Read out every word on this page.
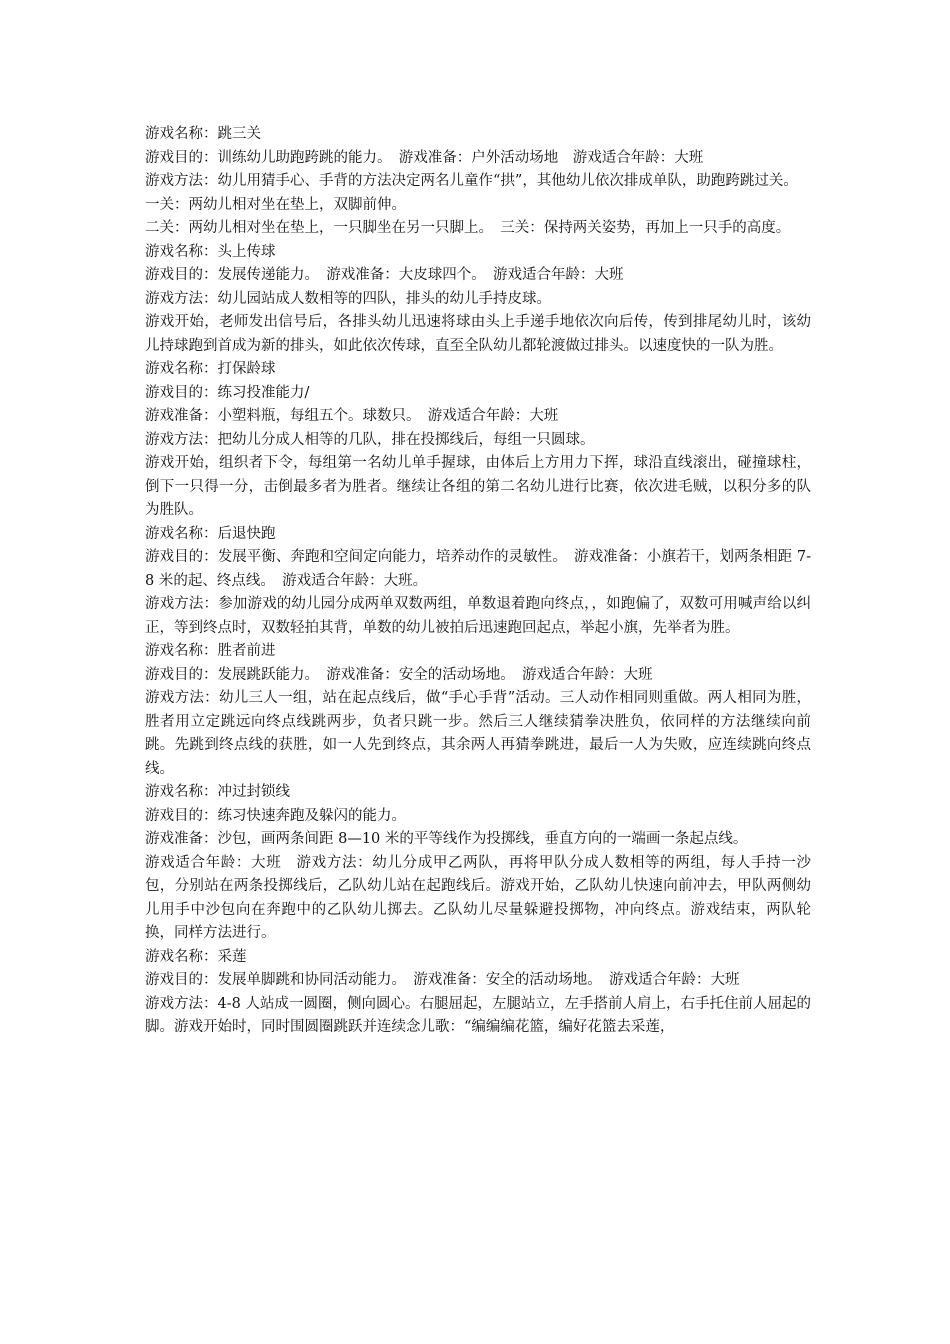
游戏名称：跳三关

游戏目的：训练幼儿助跑跨跳的能力。　游戏准备：户外活动场地　游戏适合年龄：大班

游戏方法：幼儿用猜手心、手背的方法决定两名儿童作“拱”，其他幼儿依次排成单队，助跑跨跳过关。

一关：两幼儿相对坐在垫上，双脚前伸。

二关：两幼儿相对坐在垫上，一只脚坐在另一只脚上。　三关：保持两关姿势，再加上一只手的高度。

游戏名称：头上传球

游戏目的：发展传递能力。　游戏准备：大皮球四个。　游戏适合年龄：大班

游戏方法：幼儿园站成人数相等的四队，排头的幼儿手持皮球。

游戏开始，老师发出信号后，各排头幼儿迅速将球由头上手递手地依次向后传，传到排尾幼儿时，该幼儿持球跑到首成为新的排头，如此依次传球，直至全队幼儿都轮渡做过排头。以速度快的一队为胜。

游戏名称：打保龄球

游戏目的：练习投准能力/

游戏准备：小塑料瓶，每组五个。球数只。　游戏适合年龄：大班

游戏方法：把幼儿分成人相等的几队，排在投掷线后，每组一只圆球。

游戏开始，组织者下令，每组第一名幼儿单手握球，由体后上方用力下挥，球沿直线滚出，碰撞球柱，倒下一只得一分，击倒最多者为胜者。继续让各组的第二名幼儿进行比赛，依次进毛贼，以积分多的队为胜队。

游戏名称：后退快跑

游戏目的：发展平衡、奔跑和空间定向能力，培养动作的灵敏性。　游戏准备：小旗若干，划两条相距 7-8 米的起、终点线。　游戏适合年龄：大班。

游戏方法：参加游戏的幼儿园分成两单双数两组，单数退着跑向终点，，如跑偏了，双数可用喊声给以纠正，等到终点时，双数轻拍其背，单数的幼儿被拍后迅速跑回起点，举起小旗，先举者为胜。

游戏名称：胜者前进

游戏目的：发展跳跃能力。　游戏准备：安全的活动场地。　游戏适合年龄：大班

游戏方法：幼儿三人一组，站在起点线后，做“手心手背”活动。三人动作相同则重做。两人相同为胜，胜者用立定跳远向终点线跳两步，负者只跳一步。然后三人继续猜拳决胜负，依同样的方法继续向前跳。先跳到终点线的获胜，如一人先到终点，其余两人再猜拳跳进，最后一人为失败，应连续跳向终点线。

游戏名称：冲过封锁线

游戏目的：练习快速奔跑及躲闪的能力。

游戏准备：沙包，画两条间距 8—10 米的平等线作为投掷线，垂直方向的一端画一条起点线。

游戏适合年龄：大班　游戏方法：幼儿分成甲乙两队，再将甲队分成人数相等的两组，每人手持一沙包，分别站在两条投掷线后，乙队幼儿站在起跑线后。游戏开始，乙队幼儿快速向前冲去，甲队两侧幼儿用手中沙包向在奔跑中的乙队幼儿掷去。乙队幼儿尽量躲避投掷物，冲向终点。游戏结束，两队轮换，同样方法进行。

游戏名称：采莲

游戏目的：发展单脚跳和协同活动能力。　游戏准备：安全的活动场地。　游戏适合年龄：大班

游戏方法：4-8 人站成一圆圈，侧向圆心。右腿屈起，左腿站立，左手搭前人肩上，右手托住前人屈起的脚。游戏开始时，同时围圆圈跳跃并连续念儿歌：“编编编花篮，编好花篮去采莲，
